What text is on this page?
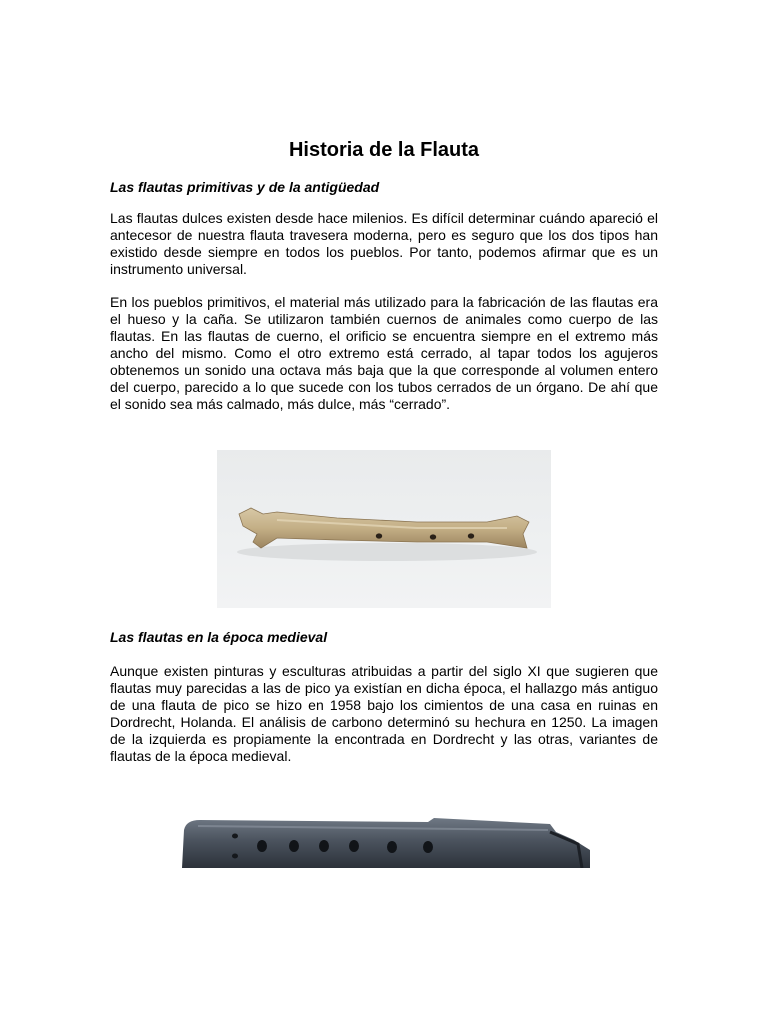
Historia de la Flauta
Las flautas primitivas y de la antigüedad

Las flautas dulces existen desde hace milenios. Es difícil determinar cuándo apareció el antecesor de nuestra flauta travesera moderna, pero es seguro que los dos tipos han existido desde siempre en todos los pueblos. Por tanto, podemos afirmar que es un instrumento universal.

En los pueblos primitivos, el material más utilizado para la fabricación de las flautas era el hueso y la caña. Se utilizaron también cuernos de animales como cuerpo de las flautas. En las flautas de cuerno, el orificio se encuentra siempre en el extremo más ancho del mismo. Como el otro extremo está cerrado, al tapar todos los agujeros obtenemos un sonido una octava más baja que la que corresponde al volumen entero del cuerpo, parecido a lo que sucede con los tubos cerrados de un órgano. De ahí que el sonido sea más calmado, más dulce, más “cerrado”.

Las flautas en la época medieval

Aunque existen pinturas y esculturas atribuidas a partir del siglo XI que sugieren que flautas muy parecidas a las de pico ya existían en dicha época, el hallazgo más antiguo de una flauta de pico se hizo en 1958 bajo los cimientos de una casa en ruinas en Dordrecht, Holanda. El análisis de carbono determinó su hechura en 1250. La imagen de la izquierda es propiamente la encontrada en Dordrecht y las otras, variantes de flautas de la época medieval.
